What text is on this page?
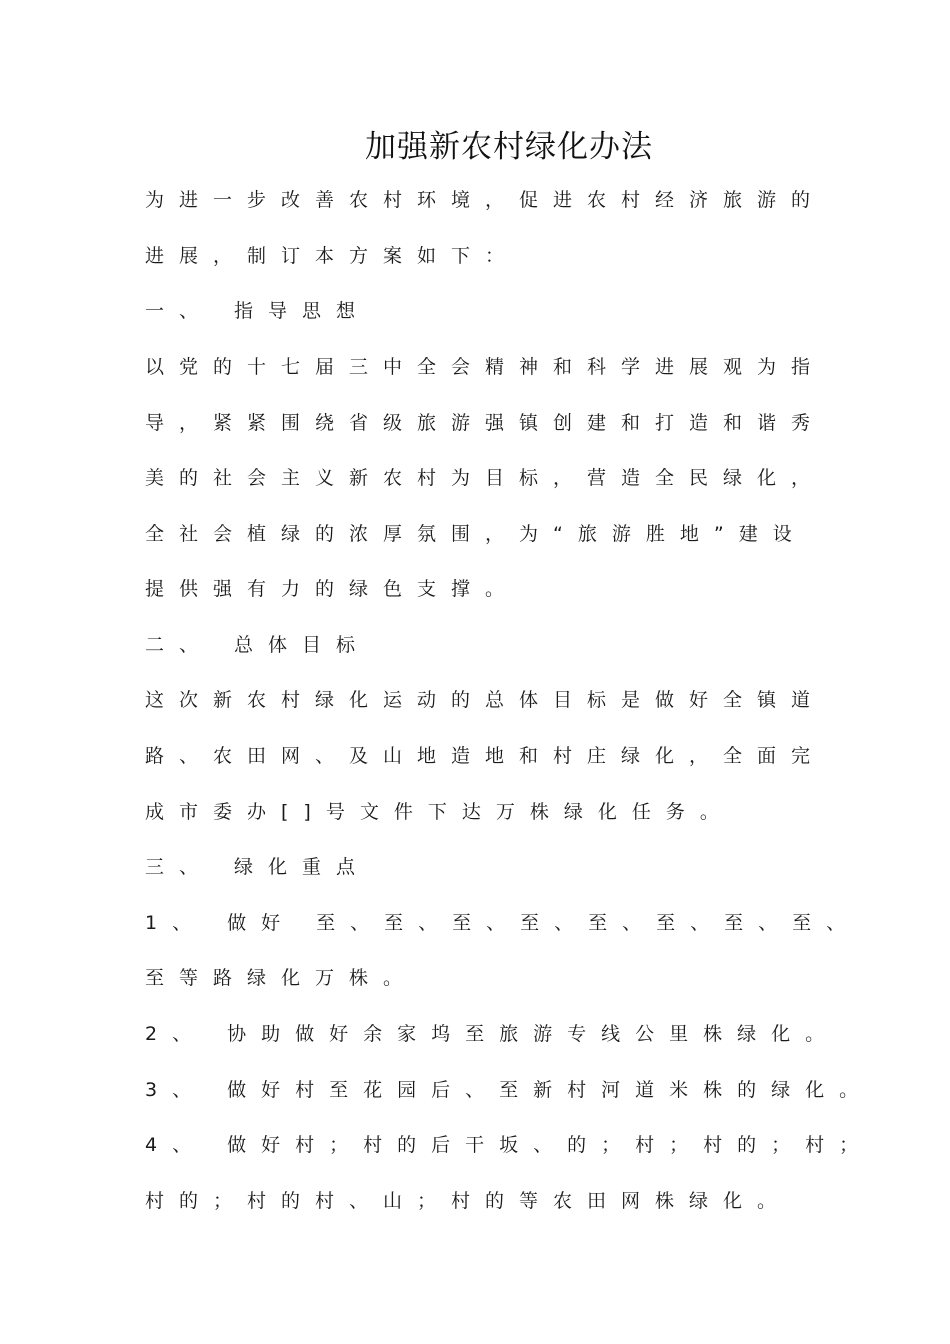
加强新农村绿化办法
为进一步改善农村环境，促进农村经济旅游的
进展，制订本方案如下：
一、 指导思想
以党的十七届三中全会精神和科学进展观为指
导，紧紧围绕省级旅游强镇创建和打造和谐秀
美的社会主义新农村为目标，营造全民绿化，
全社会植绿的浓厚氛围，为“旅游胜地”建设
提供强有力的绿色支撑。
二、 总体目标
这次新农村绿化运动的总体目标是做好全镇道
路、农田网、及山地造地和村庄绿化，全面完
成市委办[]号文件下达万株绿化任务。
三、 绿化重点
1、 做好 至、至、至、至、至、至、至、至、
至等路绿化万株。
2、 协助做好余家坞至旅游专线公里株绿化。
3、 做好村至花园后、至新村河道米株的绿化。
4、 做好村；村的后干坂、的；村；村的；村；
村的；村的村、山；村的等农田网株绿化。
